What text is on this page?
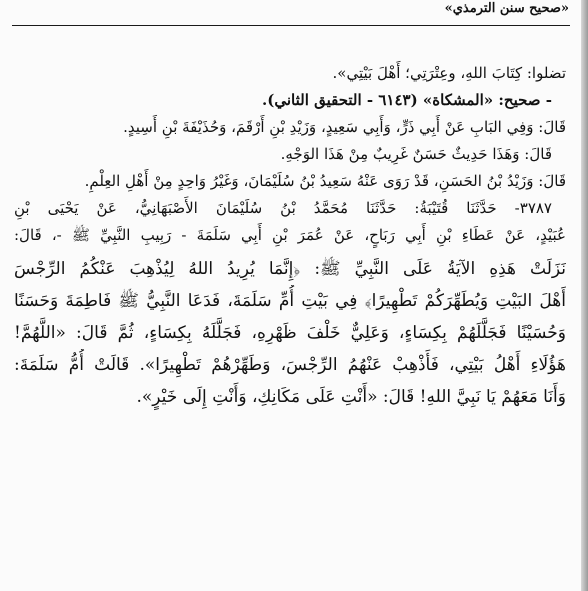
«صحيح سنن الترمذي»
تضلوا: كِتَابَ اللهِ، وعِتْرَتِي؛ أَهْلَ بَيْتِي».
- صحيح: «المشكاة» (٦١٤٣ - التحقيق الثاني).
قَالَ: وَفِي البَابِ عَنْ أَبِي ذَرٍّ، وَأَبِي سَعِيدٍ، وَزَيْدِ بْنِ أَرْقَمَ، وَحُذَيْفَةَ بْنِ أَسِيدٍ.
قَالَ: وَهَذَا حَدِيثٌ حَسَنٌ غَرِيبٌ مِنْ هَذَا الوَجْهِ.
قَالَ: وَزَيْدُ بْنُ الحَسَنِ، قَدْ رَوَى عَنْهُ سَعِيدُ بْنُ سُلَيْمَانَ، وَغَيْرُ وَاحِدٍ مِنْ أَهْلِ العِلْمِ.
٣٧٨٧- حَدَّثَنَا قُتَيْبَةُ: حَدَّثَنَا مُحَمَّدُ بْنُ سُلَيْمَانَ الأَصْبَهَانِيُّ، عَنْ يَحْيَى بْنِ
عُبَيْدٍ، عَنْ عَطَاءِ بْنِ أَبِي رَبَاحٍ، عَنْ عُمَرَ بْنِ أَبِي سَلَمَةَ - رَبِيبِ النَّبِيِّ ﷺ -، قَالَ:
نَزَلَتْ هَذِهِ الآيَةُ عَلَى النَّبِيِّ ﷺ: ﴿إِنَّمَا يُرِيدُ اللهُ لِيُذْهِبَ عَنْكُمُ الرِّجْسَ
أَهْلَ البَيْتِ وَيُطَهِّرَكُمْ تَطْهِيرًا﴾ فِي بَيْتِ أُمِّ سَلَمَةَ، فَدَعَا النَّبِيُّ ﷺ فَاطِمَةَ وَحَسَنًا
وَحُسَيْنًا فَجَلَّلَهُمْ بِكِسَاءٍ، وَعَلِيٌّ خَلْفَ ظَهْرِهِ، فَجَلَّلَهُ بِكِسَاءٍ، ثُمَّ قَالَ: «اللَّهُمَّ!
هَؤُلَاءِ أَهْلُ بَيْتِي، فَأَذْهِبْ عَنْهُمُ الرِّجْسَ، وَطَهِّرْهُمْ تَطْهِيرًا». قَالَتْ أُمُّ سَلَمَةَ:
وَأَنَا مَعَهُمْ يَا نَبِيَّ اللهِ! قَالَ: «أَنْتِ عَلَى مَكَانِكِ، وَأَنْتِ إِلَى خَيْرٍ».
